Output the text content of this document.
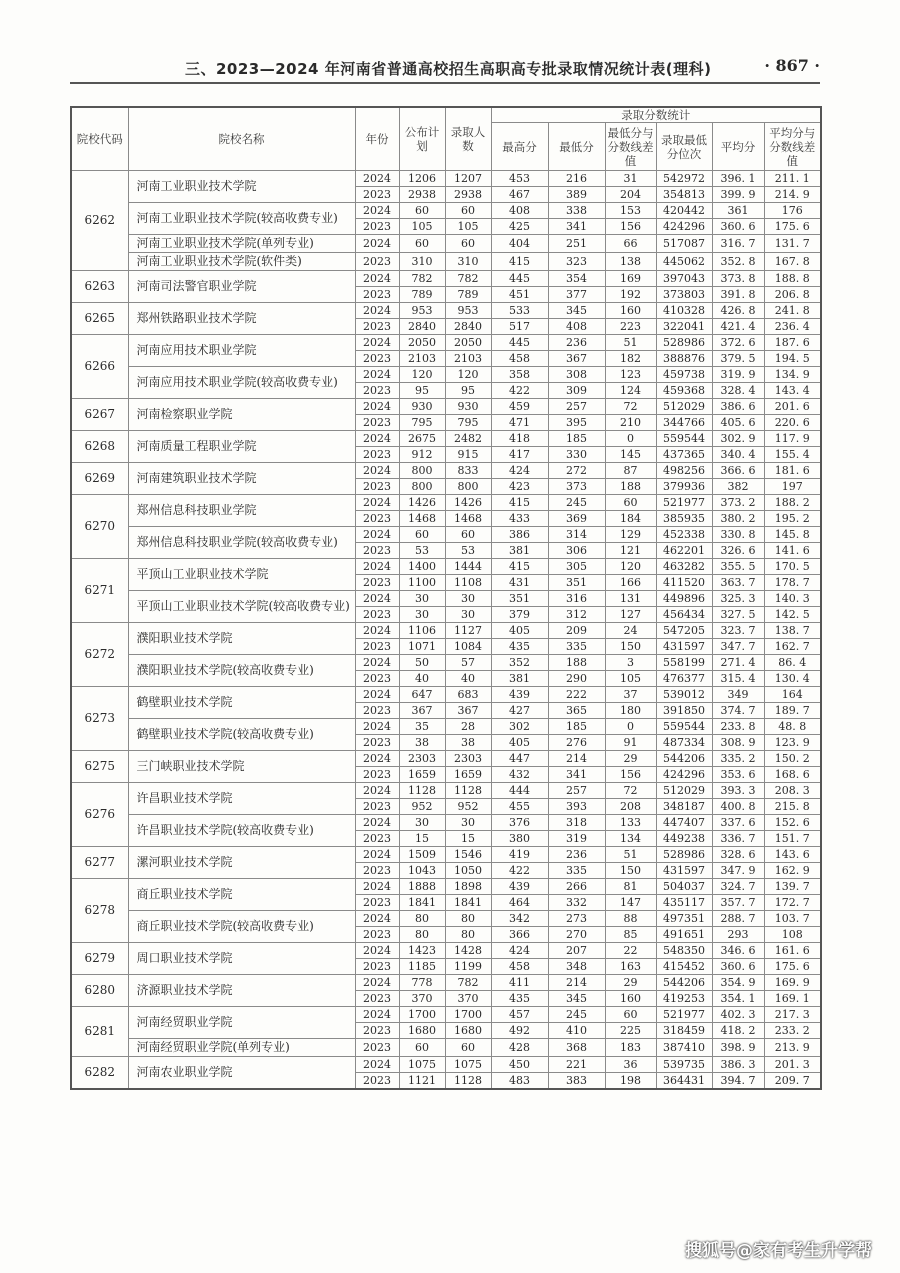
三、2023—2024 年河南省普通高校招生高职高专批录取情况统计表(理科)	· 867 ·
院校代码	院校名称	年份	公布计划	录取人数	录取分数统计					
					最高分	最低分	最低分与分数线差值	录取最低分位次	平均分	平均分与分数线差值
6262	河南工业职业技术学院	2024	1206	1207	453	216	31	542972	396. 1	211. 1
		2023	2938	2938	467	389	204	354813	399. 9	214. 9
	河南工业职业技术学院(较高收费专业)	2024	60	60	408	338	153	420442	361	176
		2023	105	105	425	341	156	424296	360. 6	175. 6
	河南工业职业技术学院(单列专业)	2024	60	60	404	251	66	517087	316. 7	131. 7
	河南工业职业技术学院(软件类)	2023	310	310	415	323	138	445062	352. 8	167. 8
6263	河南司法警官职业学院	2024	782	782	445	354	169	397043	373. 8	188. 8
		2023	789	789	451	377	192	373803	391. 8	206. 8
6265	郑州铁路职业技术学院	2024	953	953	533	345	160	410328	426. 8	241. 8
		2023	2840	2840	517	408	223	322041	421. 4	236. 4
6266	河南应用技术职业学院	2024	2050	2050	445	236	51	528986	372. 6	187. 6
		2023	2103	2103	458	367	182	388876	379. 5	194. 5
	河南应用技术职业学院(较高收费专业)	2024	120	120	358	308	123	459738	319. 9	134. 9
		2023	95	95	422	309	124	459368	328. 4	143. 4
6267	河南检察职业学院	2024	930	930	459	257	72	512029	386. 6	201. 6
		2023	795	795	471	395	210	344766	405. 6	220. 6
6268	河南质量工程职业学院	2024	2675	2482	418	185	0	559544	302. 9	117. 9
		2023	912	915	417	330	145	437365	340. 4	155. 4
6269	河南建筑职业技术学院	2024	800	833	424	272	87	498256	366. 6	181. 6
		2023	800	800	423	373	188	379936	382	197
6270	郑州信息科技职业学院	2024	1426	1426	415	245	60	521977	373. 2	188. 2
		2023	1468	1468	433	369	184	385935	380. 2	195. 2
	郑州信息科技职业学院(较高收费专业)	2024	60	60	386	314	129	452338	330. 8	145. 8
		2023	53	53	381	306	121	462201	326. 6	141. 6
6271	平顶山工业职业技术学院	2024	1400	1444	415	305	120	463282	355. 5	170. 5
		2023	1100	1108	431	351	166	411520	363. 7	178. 7
	平顶山工业职业技术学院(较高收费专业)	2024	30	30	351	316	131	449896	325. 3	140. 3
		2023	30	30	379	312	127	456434	327. 5	142. 5
6272	濮阳职业技术学院	2024	1106	1127	405	209	24	547205	323. 7	138. 7
		2023	1071	1084	435	335	150	431597	347. 7	162. 7
	濮阳职业技术学院(较高收费专业)	2024	50	57	352	188	3	558199	271. 4	86. 4
		2023	40	40	381	290	105	476377	315. 4	130. 4
6273	鹤壁职业技术学院	2024	647	683	439	222	37	539012	349	164
		2023	367	367	427	365	180	391850	374. 7	189. 7
	鹤壁职业技术学院(较高收费专业)	2024	35	28	302	185	0	559544	233. 8	48. 8
		2023	38	38	405	276	91	487334	308. 9	123. 9
6275	三门峡职业技术学院	2024	2303	2303	447	214	29	544206	335. 2	150. 2
		2023	1659	1659	432	341	156	424296	353. 6	168. 6
6276	许昌职业技术学院	2024	1128	1128	444	257	72	512029	393. 3	208. 3
		2023	952	952	455	393	208	348187	400. 8	215. 8
	许昌职业技术学院(较高收费专业)	2024	30	30	376	318	133	447407	337. 6	152. 6
		2023	15	15	380	319	134	449238	336. 7	151. 7
6277	漯河职业技术学院	2024	1509	1546	419	236	51	528986	328. 6	143. 6
		2023	1043	1050	422	335	150	431597	347. 9	162. 9
6278	商丘职业技术学院	2024	1888	1898	439	266	81	504037	324. 7	139. 7
		2023	1841	1841	464	332	147	435117	357. 7	172. 7
	商丘职业技术学院(较高收费专业)	2024	80	80	342	273	88	497351	288. 7	103. 7
		2023	80	80	366	270	85	491651	293	108
6279	周口职业技术学院	2024	1423	1428	424	207	22	548350	346. 6	161. 6
		2023	1185	1199	458	348	163	415452	360. 6	175. 6
6280	济源职业技术学院	2024	778	782	411	214	29	544206	354. 9	169. 9
		2023	370	370	435	345	160	419253	354. 1	169. 1
6281	河南经贸职业学院	2024	1700	1700	457	245	60	521977	402. 3	217. 3
		2023	1680	1680	492	410	225	318459	418. 2	233. 2
	河南经贸职业学院(单列专业)	2023	60	60	428	368	183	387410	398. 9	213. 9
6282	河南农业职业学院	2024	1075	1075	450	221	36	539735	386. 3	201. 3
		2023	1121	1128	483	383	198	364431	394. 7	209. 7
搜狐号@家有考生升学帮
